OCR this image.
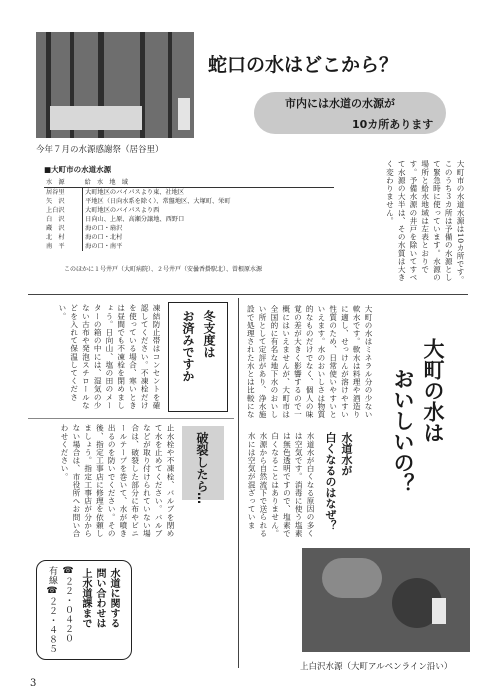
今年７月の水源感謝祭（居谷里）
蛇口の水はどこから？
市内には水道の水源が
10カ所あります
■大町市の水道水源
水　源	給　水　地　域
居谷里	大町地区のバイパスより東、社地区
矢　沢	平地区（日向水系を除く）、常盤地区、大塚町、栄町
上白沢	大町地区のバイパスより西
白　沢	日向山、上原、高瀬分譲地、西野口
蔵　沢	海の口・扇沢
北　村	海の口・北村
南　平	海の口・南平
このほかに１号井戸（大町病院）、２号井戸（安曇香掛駅北）、曽根原水源	大町市の水道水源は10カ所です。このうち３カ所は予備の水源として緊急時に使っています。水源の場所と給水地域は左表とおりです。予備水源の井戸を除いてすべて水源の大半は、その水質は大きく変わりません。
大町の水は
おいしいの？
大町の水はミネラル分の少ない軟水です。軟水は料理や酒造りに適し、せっけんが溶けやすい性質のため、日常使いやすいといえます。水のおいしさは物質的なものだけでなく、個人の味覚の差が大きく影響するので一概にはいえませんが、大町市は全国的に有名な地下水のおいしい所として定評があり、浄水施設で処理された水とは比較にな
水道水が
白くなるのはなぜ？
水道水が白くなる原因の多くは空気です。消毒に使う塩素は無色透明ですので、塩素で白くなることはありません。水源から自然流下で送られる水には空気が混ざっていま
上白沢水源（大町アルペンライン沿い）
冬支度は
お済みですか
凍結防止帯はコンセントを確認してください。不凍栓だけを使っている場合、寒いときは昼間でも不凍栓を閉めましょう。日向山、塩の田のメーターの箱の中には、湿気の少ない古布や発泡スチロールなどを入れて保温してください。
破裂したら…
止水栓や不凍栓、バルブを閉めて水を止めてください。バルブなどが取り付けられていない場合は、破裂した部分に布やビニールテープを巻いて、水が噴き出るのを防いでください。その後、指定工事店に修理を依頼しましょう。指定工事店が分からない場合は、市役所へお問い合わせください。
水道に関する
問い合わせは
上水道課まで
☎２２・０４２０
有線
☎２２・４８５
3
